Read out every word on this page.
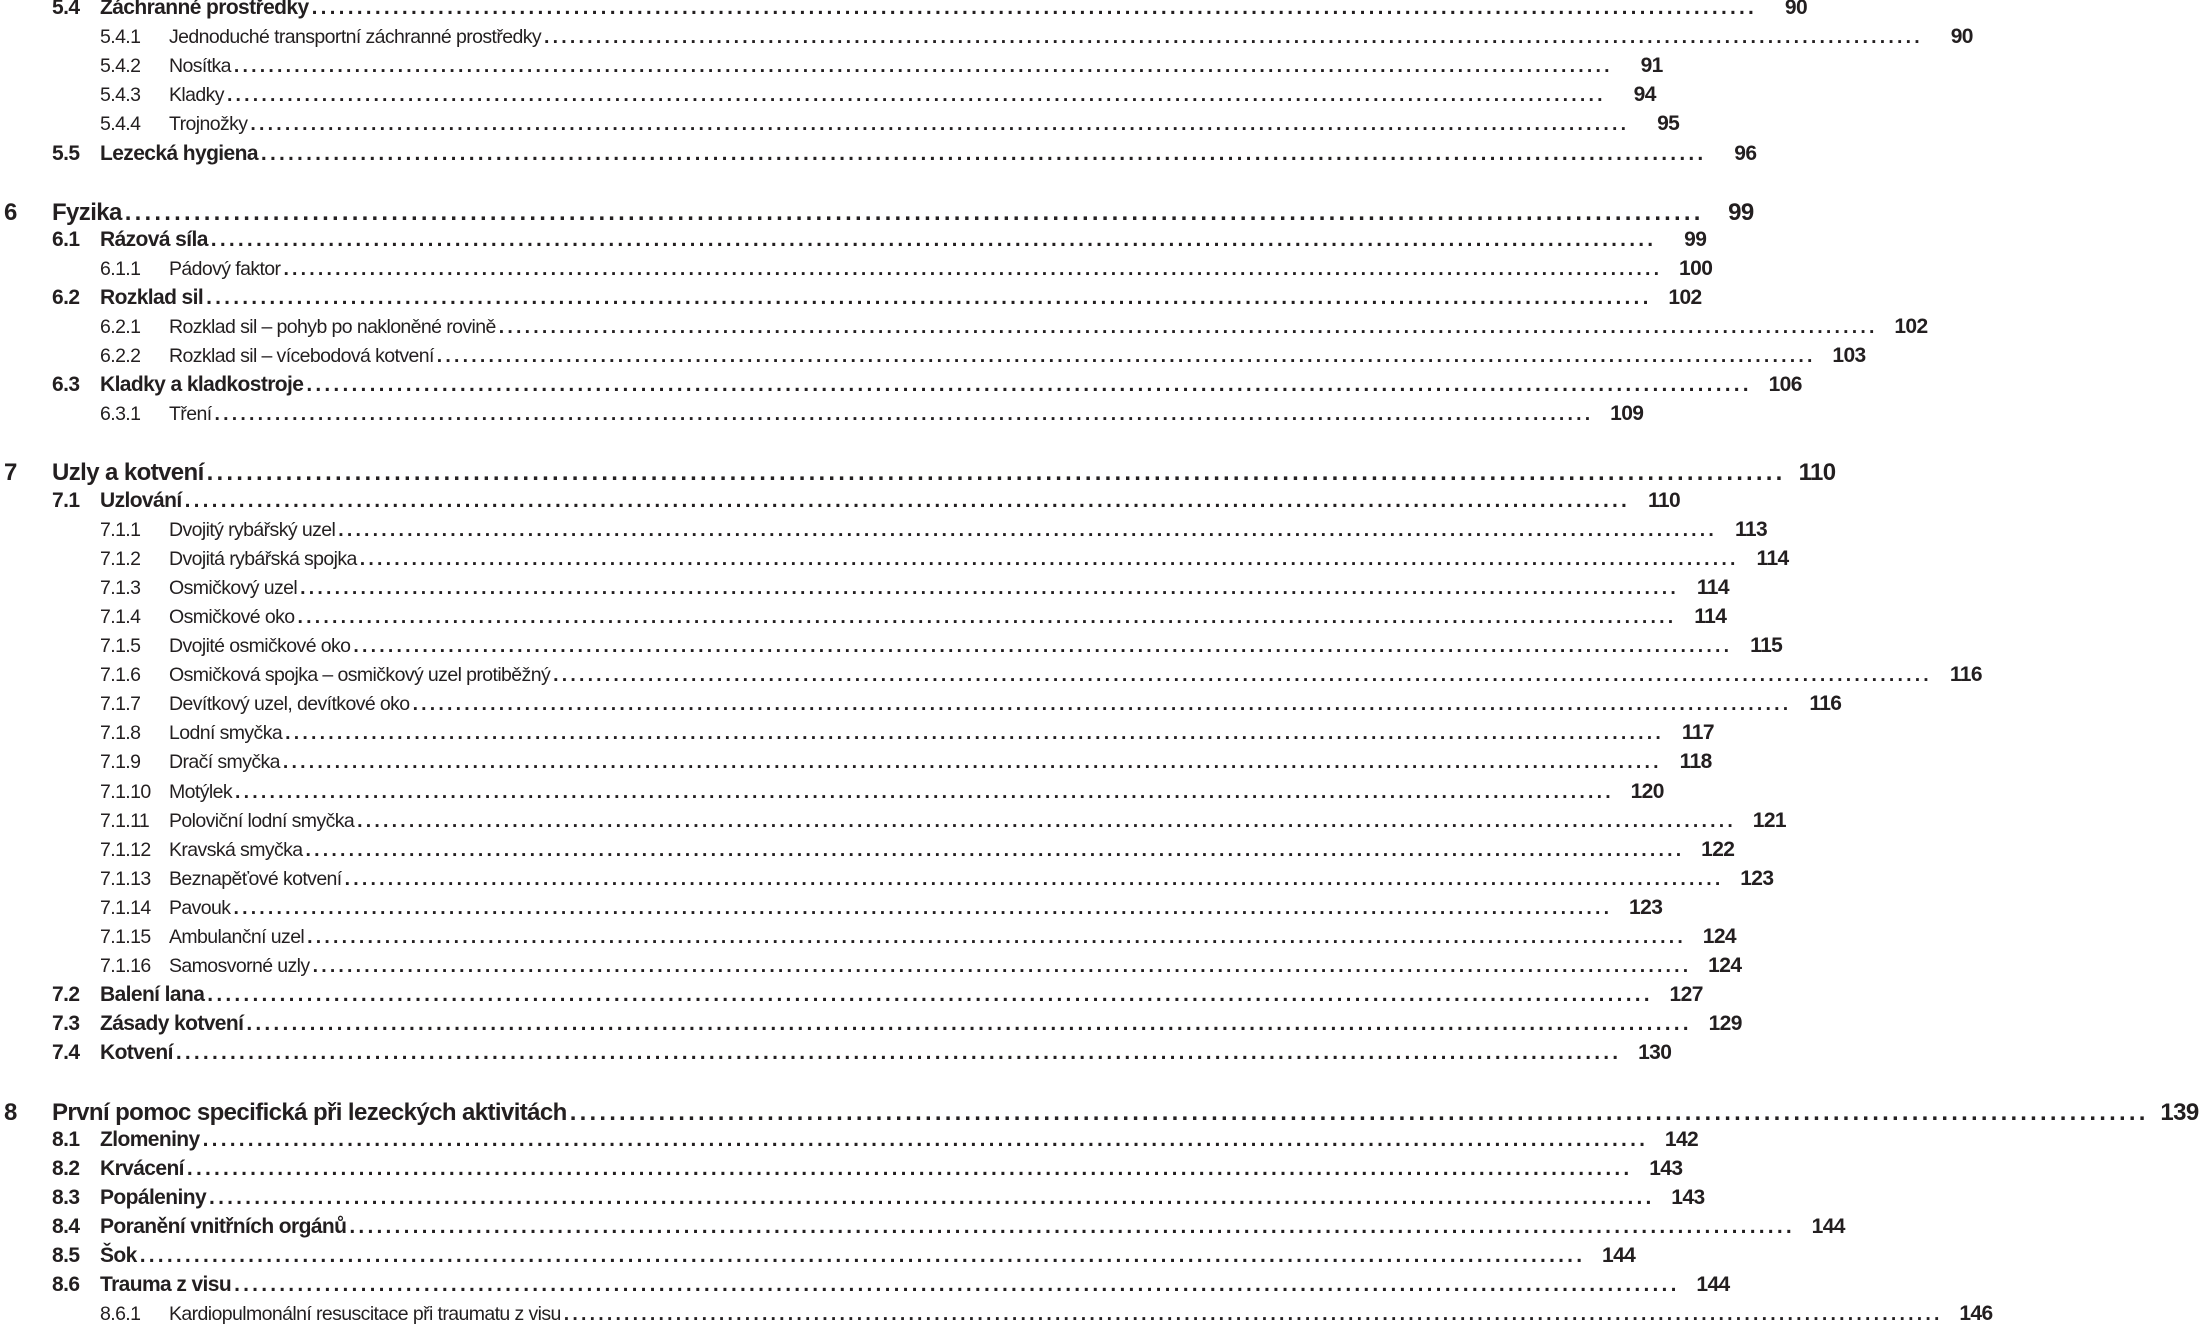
5.4 Záchranné prostředky ................................................................................................................................................................	90
5.4.1	Jednoduché transportní záchranné prostředky ................................................................................................................................................................	90
5.4.2	Nosítka ................................................................................................................................................................	91
5.4.3	Kladky ................................................................................................................................................................	94
5.4.4	Trojnožky ................................................................................................................................................................	95
5.5 Lezecká hygiena ................................................................................................................................................................	96
6	Fyzika ................................................................................................................................................................	99
6.1 Rázová síla ................................................................................................................................................................	99
6.1.1	Pádový faktor ................................................................................................................................................................ 100
6.2 Rozklad sil ................................................................................................................................................................ 102
6.2.1	Rozklad sil – pohyb po nakloněné rovině ................................................................................................................................................................ 102
6.2.2	Rozklad sil – vícebodová kotvení ................................................................................................................................................................ 103
6.3 Kladky a kladkostroje ................................................................................................................................................................ 106
6.3.1	Tření ................................................................................................................................................................ 109
7	Uzly a kotvení ................................................................................................................................................................ 110
7.1 Uzlování ................................................................................................................................................................ 110
7.1.1	Dvojitý rybářský uzel ................................................................................................................................................................ 113
7.1.2	Dvojitá rybářská spojka ................................................................................................................................................................ 114
7.1.3	Osmičkový uzel ................................................................................................................................................................ 114
7.1.4	Osmičkové oko ................................................................................................................................................................ 114
7.1.5	Dvojité osmičkové oko ................................................................................................................................................................ 115
7.1.6	Osmičková spojka – osmičkový uzel protiběžný ................................................................................................................................................................ 116
7.1.7	Devítkový uzel, devítkové oko ................................................................................................................................................................ 116
7.1.8	Lodní smyčka ................................................................................................................................................................ 117
7.1.9	Dračí smyčka ................................................................................................................................................................ 118
7.1.10 Motýlek ................................................................................................................................................................ 120
7.1.11	Poloviční lodní smyčka ................................................................................................................................................................ 121
7.1.12 Kravská smyčka ................................................................................................................................................................ 122
7.1.13 Beznapěťové kotvení ................................................................................................................................................................ 123
7.1.14 Pavouk ................................................................................................................................................................ 123
7.1.15 Ambulanční uzel ................................................................................................................................................................ 124
7.1.16 Samosvorné uzly ................................................................................................................................................................ 124
7.2 Balení lana ................................................................................................................................................................ 127
7.3 Zásady kotvení ................................................................................................................................................................ 129
7.4 Kotvení ................................................................................................................................................................ 130
8	První pomoc specifická při lezeckých aktivitách ................................................................................................................................................................ 139
8.1 Zlomeniny ................................................................................................................................................................ 142
8.2 Krvácení ................................................................................................................................................................ 143
8.3 Popáleniny ................................................................................................................................................................ 143
8.4 Poranění vnitřních orgánů ................................................................................................................................................................ 144
8.5 Šok ................................................................................................................................................................ 144
8.6 Trauma z visu ................................................................................................................................................................ 144
8.6.1	Kardiopulmonální resuscitace při traumatu z visu ................................................................................................................................................................ 146
